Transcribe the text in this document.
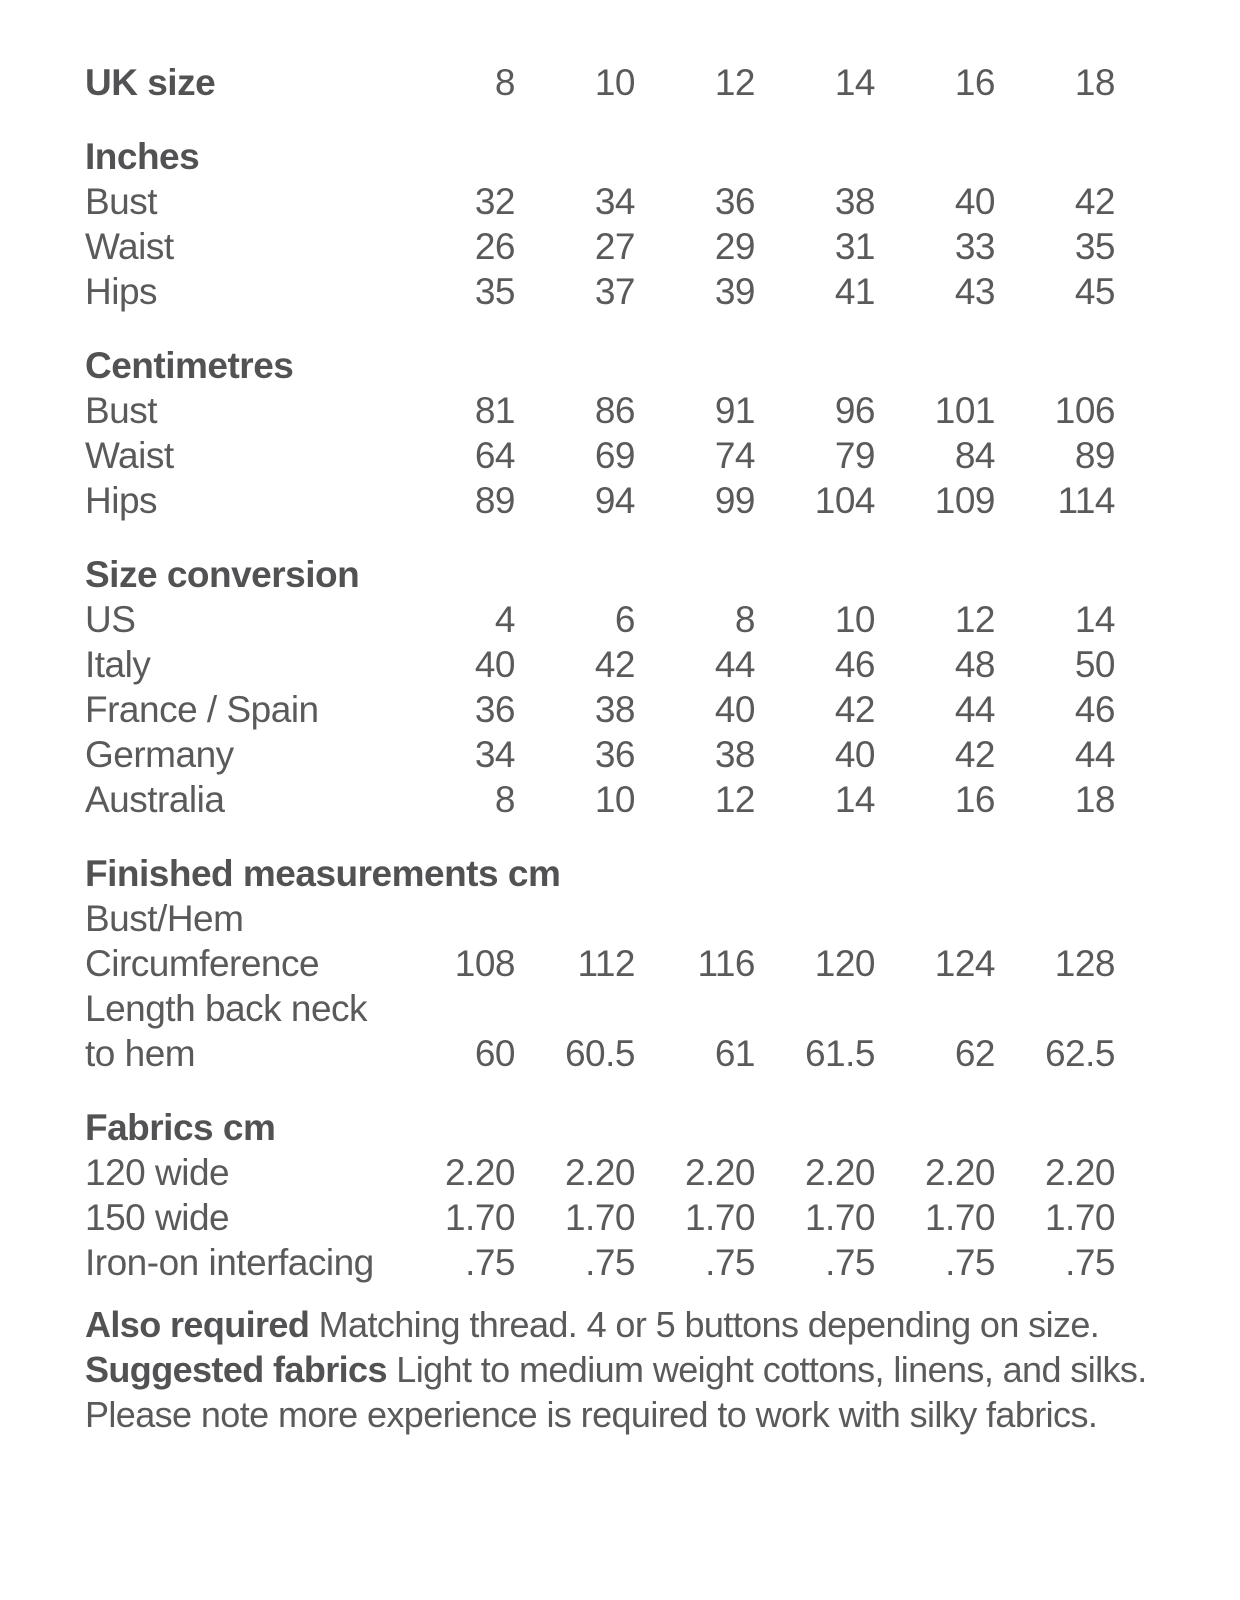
UK size	8	10	12	14	16	18
Inches
Bust	32	34	36	38	40	42
Waist	26	27	29	31	33	35
Hips	35	37	39	41	43	45
Centimetres
Bust	81	86	91	96	101	106
Waist	64	69	74	79	84	89
Hips	89	94	99	104	109	114
Size conversion
US	4	6	8	10	12	14
Italy	40	42	44	46	48	50
France / Spain	36	38	40	42	44	46
Germany	34	36	38	40	42	44
Australia	8	10	12	14	16	18
Finished measurements cm
Bust/Hem
Circumference	108	112	116	120	124	128
Length back neck
to hem	60	60.5	61	61.5	62	62.5
Fabrics cm
120 wide	2.20	2.20	2.20	2.20	2.20	2.20
150 wide	1.70	1.70	1.70	1.70	1.70	1.70
Iron-on interfacing	.75	.75	.75	.75	.75	.75

Also required Matching thread. 4 or 5 buttons depending on size.

Suggested fabrics Light to medium weight cottons, linens, and silks. Please note more experience is required to work with silky fabrics.
